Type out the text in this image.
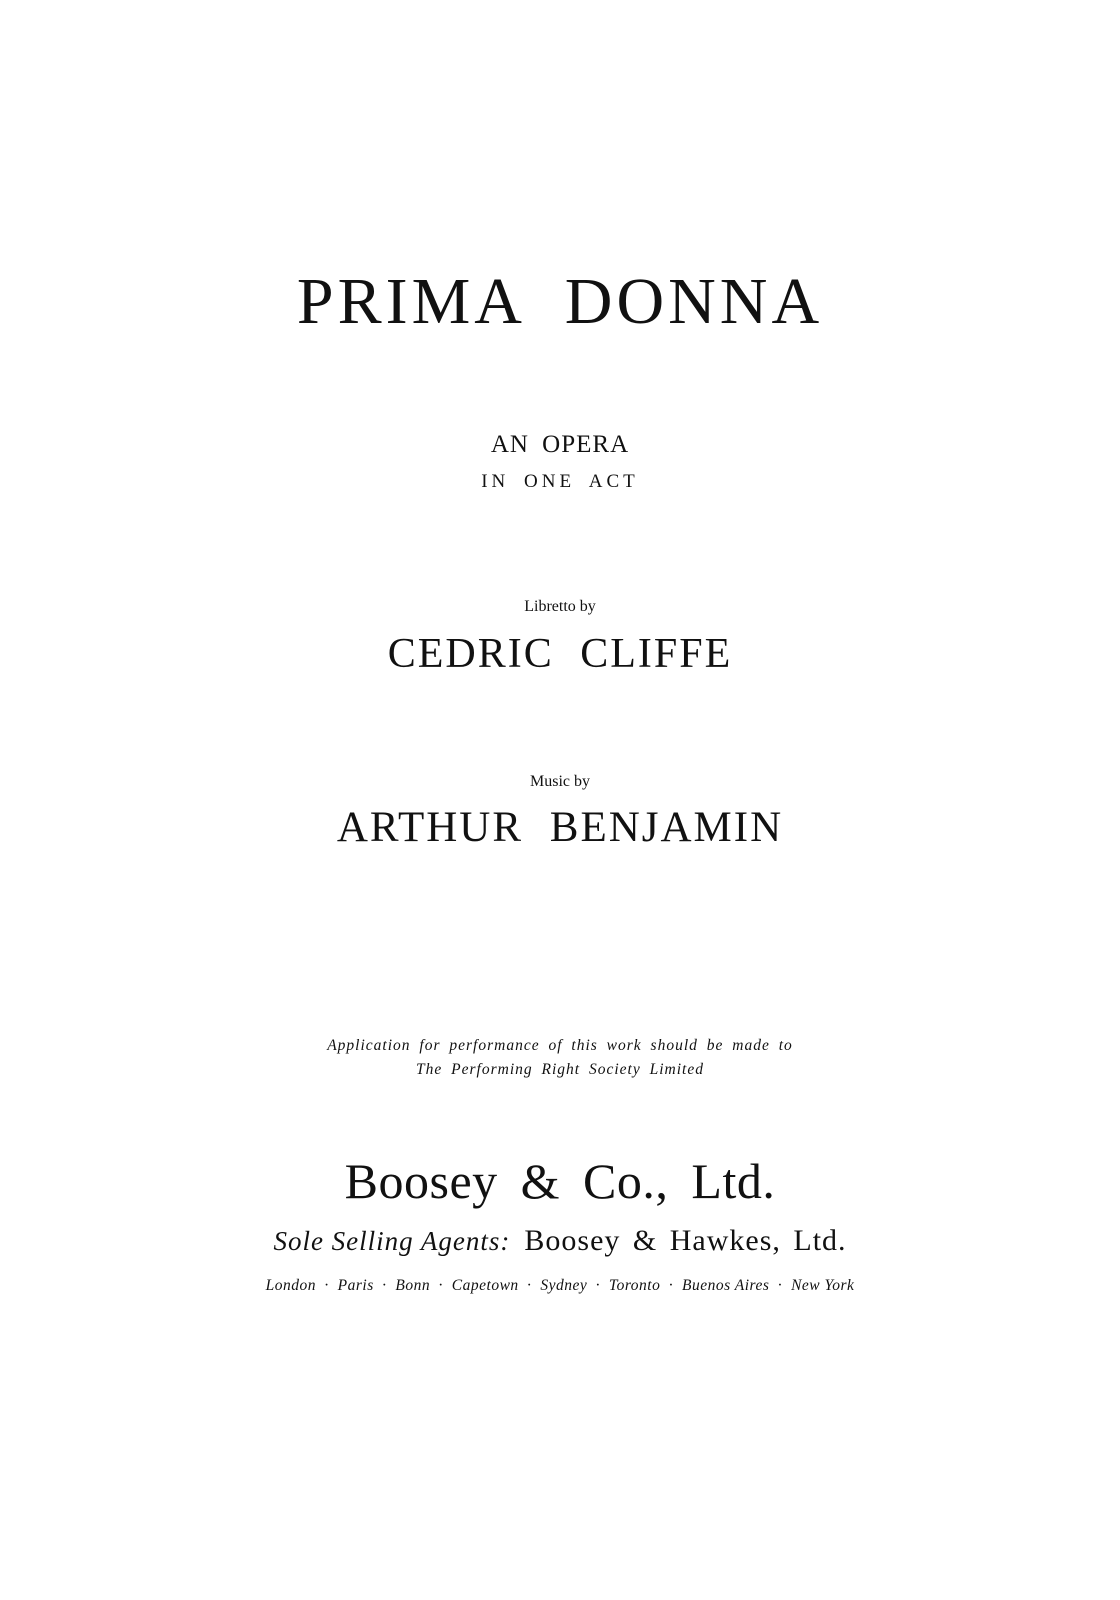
PRIMA DONNA
AN OPERA
IN ONE ACT
Libretto by
CEDRIC CLIFFE
Music by
ARTHUR BENJAMIN
Application for performance of this work should be made to
The Performing Right Society Limited
Boosey & Co., Ltd.
Sole Selling Agents: Boosey & Hawkes, Ltd.
London · Paris · Bonn · Capetown · Sydney · Toronto · Buenos Aires · New York
